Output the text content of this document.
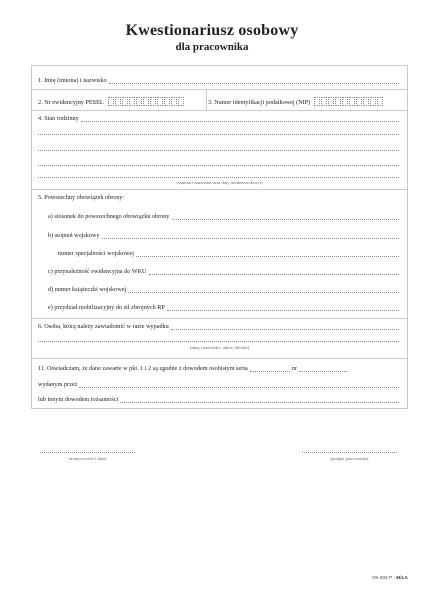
Kwestionariusz osobowy
dla pracownika
1. Imię (imiona) i nazwisko
2. Nr ewidencyjny PESEL	3. Numer identyfikacji podatkowej (NIP)
4. Stan rodzinny
(imiona i nazwiska oraz daty urodzenia dzieci)
5. Powszechny obowiązek obrony:
a) stosunek do powszechnego obowiązku obrony
b) stopień wojskowy
numer specjalności wojskowej
c) przynależność ewidencyjna do WKU
d) numer książeczki wojskowej
e) przydział mobilizacyjny do sił zbrojnych RP
6. Osoba, którą należy zawiadomić w razie wypadku
(imię i nazwisko, adres, telefon)
11. Oświadczam, że dane zawarte w pkt. 1 i 2 są zgodne z dowodem osobistym seria	nr
wydanym przez
lub innym dowodem tożsamości
(miejscowość i data)	(podpis pracownika)
Os-202 P : MiLA
